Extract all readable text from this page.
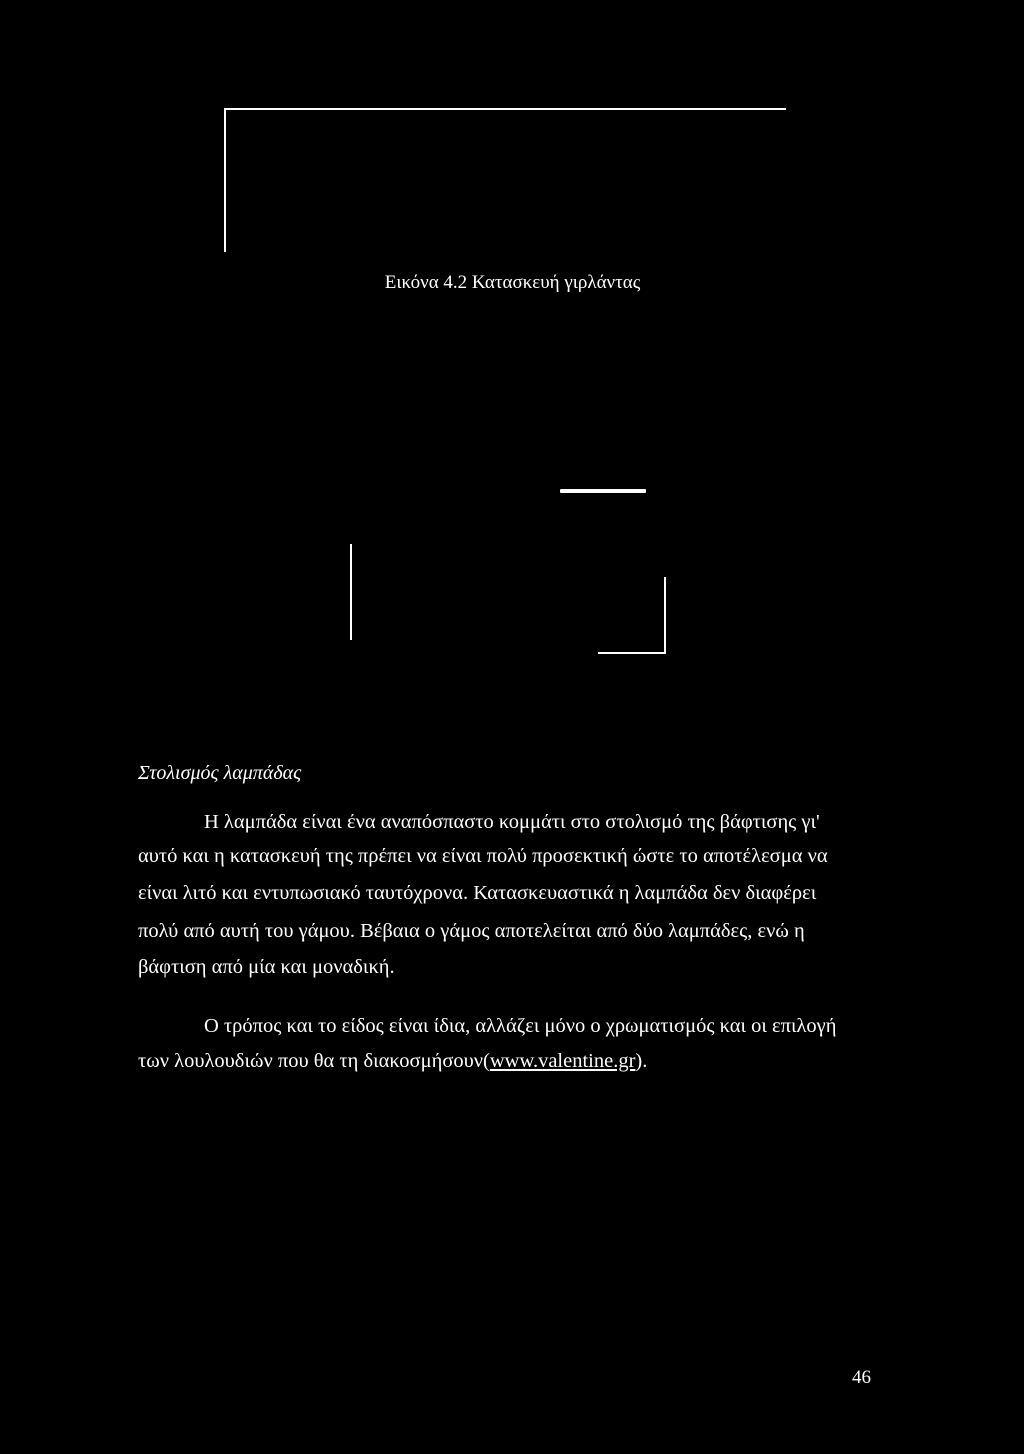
Εικόνα 4.2 Κατασκευή γιρλάντας
Στολισμός λαμπάδας
Η λαμπάδα είναι ένα αναπόσπαστο κομμάτι στο στολισμό της βάφτισης γι'
αυτό και η κατασκευή της πρέπει να είναι πολύ προσεκτική ώστε το αποτέλεσμα να
είναι λιτό και εντυπωσιακό ταυτόχρονα. Κατασκευαστικά η λαμπάδα δεν διαφέρει
πολύ από αυτή του γάμου. Βέβαια ο γάμος αποτελείται από δύο λαμπάδες, ενώ η
βάφτιση από μία και μοναδική.
Ο τρόπος και το είδος είναι ίδια, αλλάζει μόνο ο χρωματισμός και οι επιλογή
των λουλουδιών που θα τη διακοσμήσουν(www.valentine.gr).
46
